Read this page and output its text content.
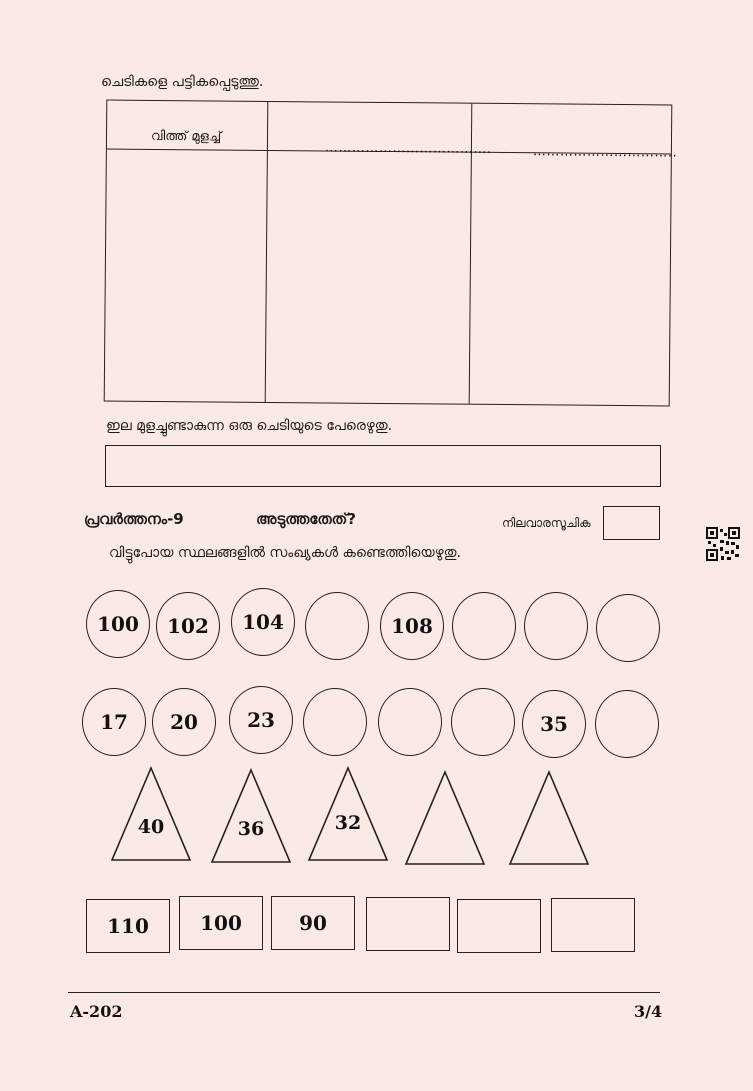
ചെടികളെ പട്ടികപ്പെടുത്തു.
വിത്ത് മുളച്ച്
……………………………….	…………………………..
ഇല മുളച്ചുണ്ടാകുന്ന ഒരു ചെടിയുടെ പേരെഴുതു.
പ്രവർത്തനം-9	അടുത്തതേത്?	നിലവാരസൂചിക
വിട്ടുപോയ സ്ഥലങ്ങളിൽ സംഖ്യകൾ കണ്ടെത്തിയെഴുതു.
100	102	104	108
17	20	23	35
40	36	32
110	100	90
A-202	3/4
